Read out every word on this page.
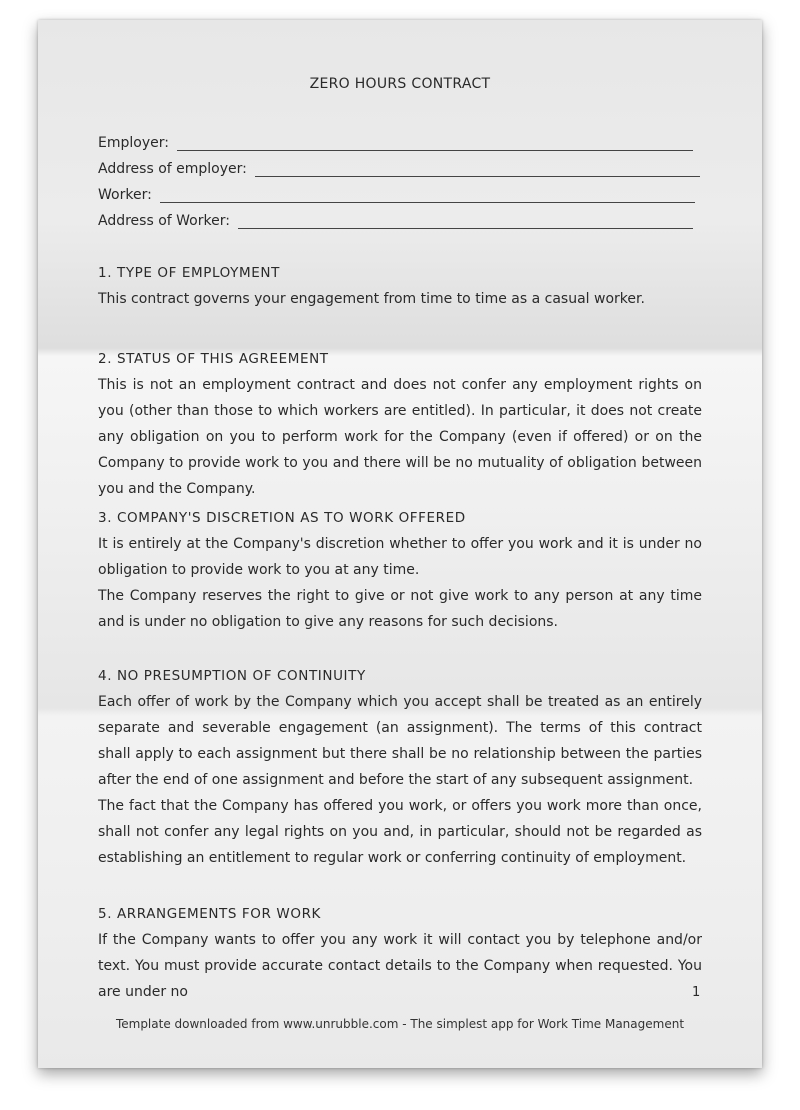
ZERO HOURS CONTRACT
Employer:
Address of employer:
Worker:
Address of Worker:
1. TYPE OF EMPLOYMENT
This contract governs your engagement from time to time as a casual worker.
2. STATUS OF THIS AGREEMENT
This is not an employment contract and does not confer any employment rights on you (other than those to which workers are entitled). In particular, it does not create any obligation on you to perform work for the Company (even if offered) or on the Company to provide work to you and there will be no mutuality of obligation between you and the Company.
3. COMPANY'S DISCRETION AS TO WORK OFFERED
It is entirely at the Company's discretion whether to offer you work and it is under no obligation to provide work to you at any time.
The Company reserves the right to give or not give work to any person at any time and is under no obligation to give any reasons for such decisions.
4. NO PRESUMPTION OF CONTINUITY
Each offer of work by the Company which you accept shall be treated as an entirely separate and severable engagement (an assignment). The terms of this contract shall apply to each assignment but there shall be no relationship between the parties after the end of one assignment and before the start of any subsequent assignment.
The fact that the Company has offered you work, or offers you work more than once, shall not confer any legal rights on you and, in particular, should not be regarded as establishing an entitlement to regular work or conferring continuity of employment.
5. ARRANGEMENTS FOR WORK
If the Company wants to offer you any work it will contact you by telephone and/or text. You must provide accurate contact details to the Company when requested. You are under no	1
Template downloaded from www.unrubble.com - The simplest app for Work Time Management
